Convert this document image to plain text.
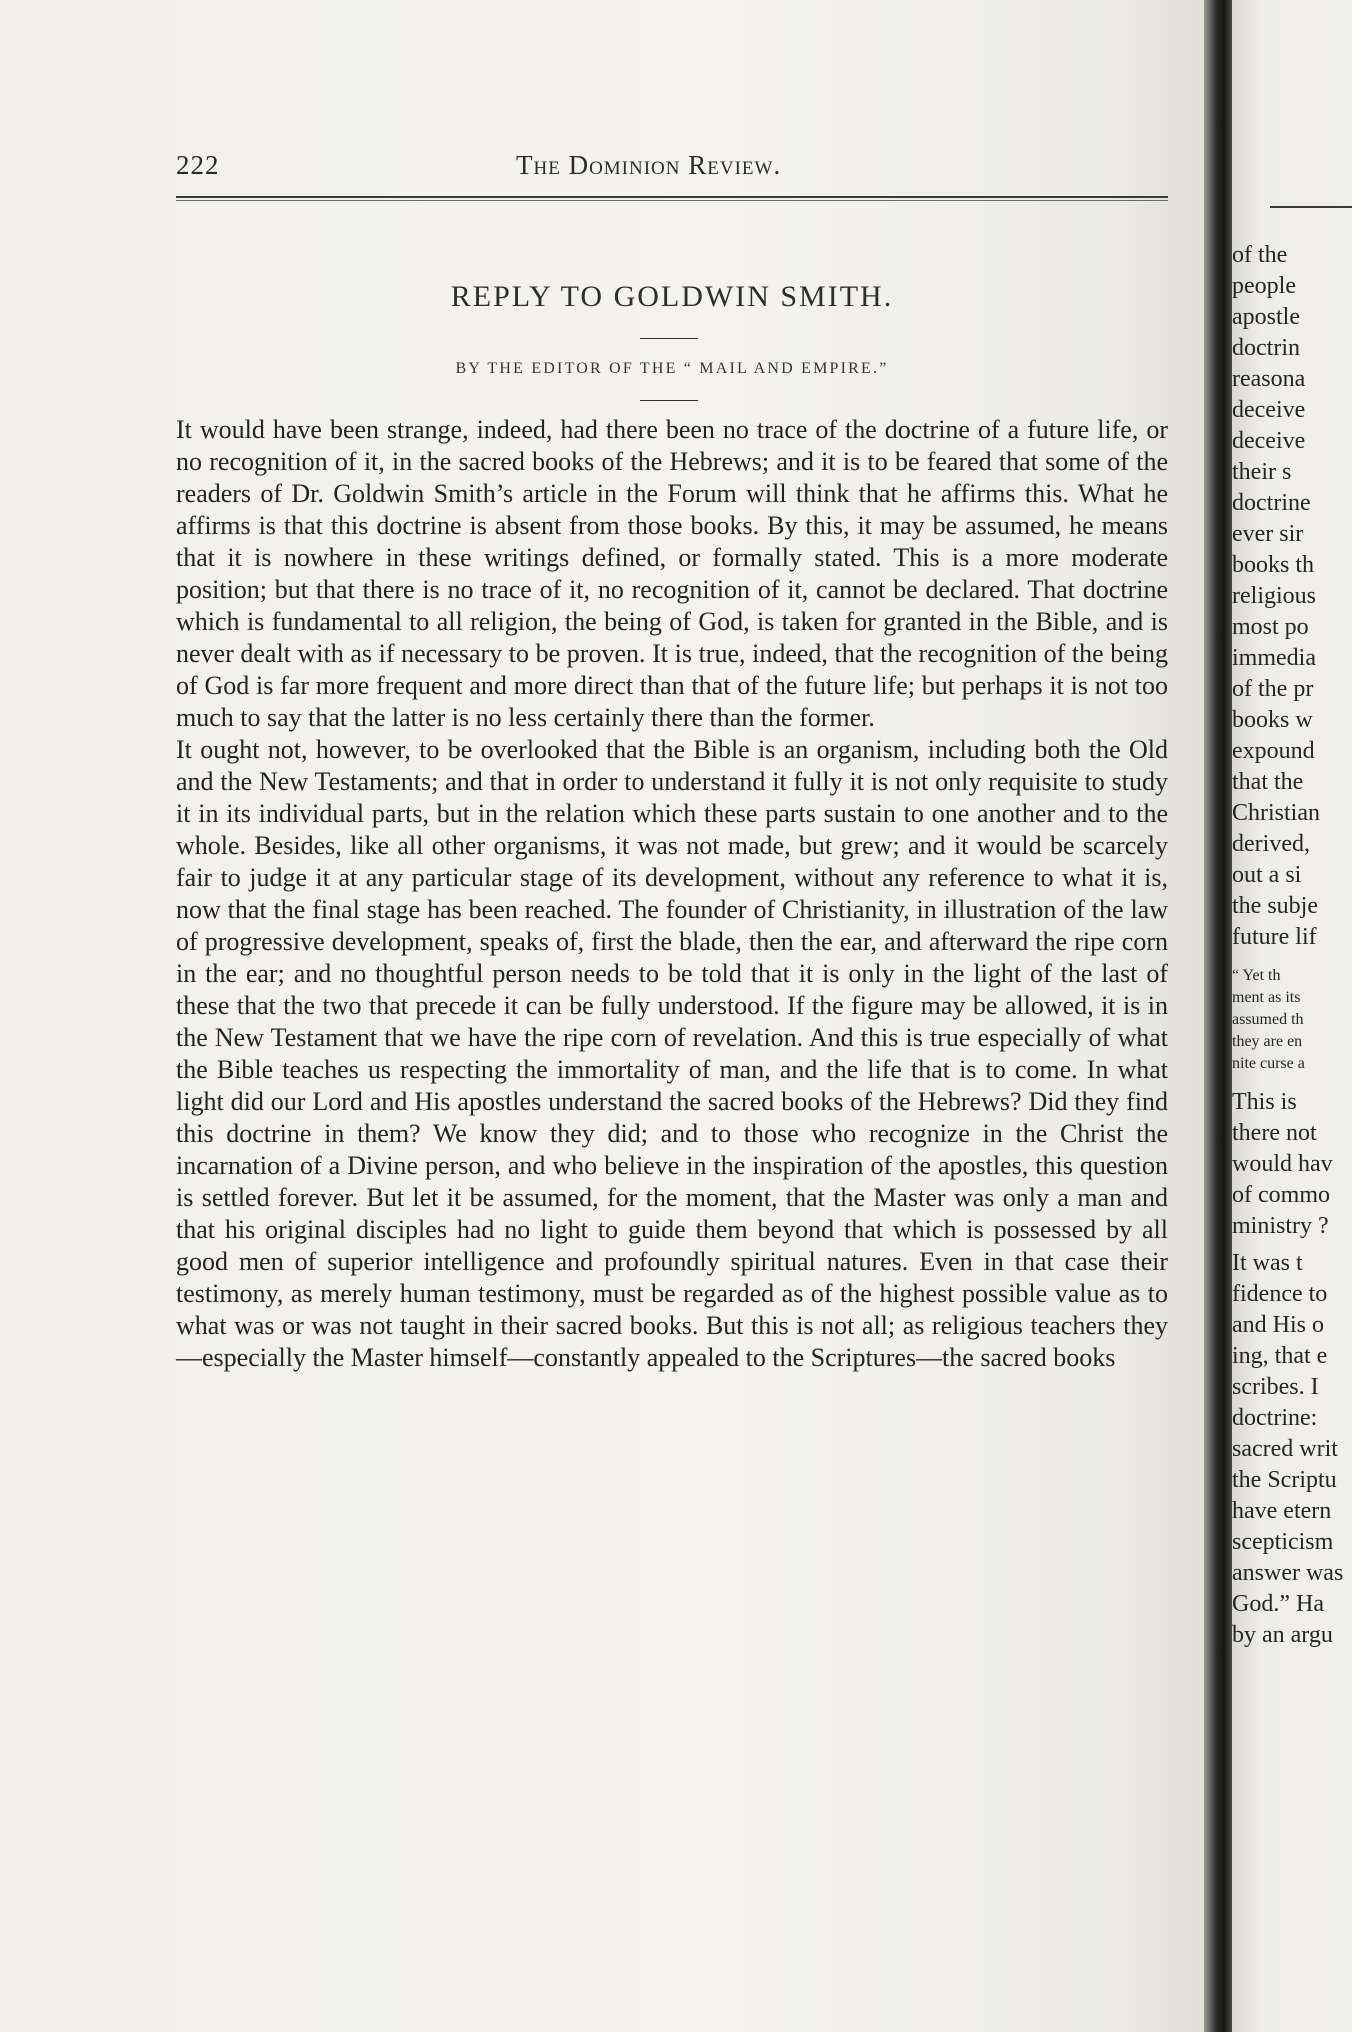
222	The Dominion Review.
REPLY TO GOLDWIN SMITH.
BY THE EDITOR OF THE “ MAIL AND EMPIRE.”

It would have been strange, indeed, had there been no trace of the doctrine of a future life, or no recognition of it, in the sacred books of the Hebrews; and it is to be feared that some of the readers of Dr. Goldwin Smith’s article in the Forum will think that he affirms this. What he affirms is that this doctrine is absent from those books. By this, it may be assumed, he means that it is nowhere in these writings defined, or formally stated. This is a more moderate position; but that there is no trace of it, no recognition of it, cannot be declared. That doctrine which is fundamental to all religion, the being of God, is taken for granted in the Bible, and is never dealt with as if necessary to be proven. It is true, indeed, that the recognition of the being of God is far more frequent and more direct than that of the future life; but perhaps it is not too much to say that the latter is no less certainly there than the former.

It ought not, however, to be overlooked that the Bible is an organism, including both the Old and the New Testaments; and that in order to understand it fully it is not only requisite to study it in its individual parts, but in the relation which these parts sustain to one another and to the whole. Besides, like all other organisms, it was not made, but grew; and it would be scarcely fair to judge it at any particular stage of its development, without any reference to what it is, now that the final stage has been reached. The founder of Christianity, in illustration of the law of progressive development, speaks of, first the blade, then the ear, and afterward the ripe corn in the ear; and no thoughtful person needs to be told that it is only in the light of the last of these that the two that precede it can be fully understood. If the figure may be allowed, it is in the New Testament that we have the ripe corn of revelation. And this is true especially of what the Bible teaches us respecting the immortality of man, and the life that is to come. In what light did our Lord and His apostles understand the sacred books of the Hebrews? Did they find this doctrine in them? We know they did; and to those who recognize in the Christ the incarnation of a Divine person, and who believe in the inspiration of the apostles, this question is settled forever. But let it be assumed, for the moment, that the Master was only a man and that his original disciples had no light to guide them beyond that which is possessed by all good men of superior intelligence and profoundly spiritual natures. Even in that case their testimony, as merely human testimony, must be regarded as of the highest possible value as to what was or was not taught in their sacred books. But this is not all; as religious teachers they—especially the Master himself—constantly appealed to the Scriptures—the sacred books

of the
people
apostle
doctrin
reasona
deceive
deceive
their s
doctrine
ever sir
books th
religious
most po
immedia
of the pr
books w
expound
that the
Christian
derived,
out a si
the subje
future lif
“ Yet th
ment as its
assumed th
they are en
nite curse a
This is
there not
would hav
of commo
ministry ?
It was t
fidence to
and His o
ing, that e
scribes. I
doctrine:
sacred writ
the Scriptu
have etern
scepticism
answer was
God.” Ha
by an argu
